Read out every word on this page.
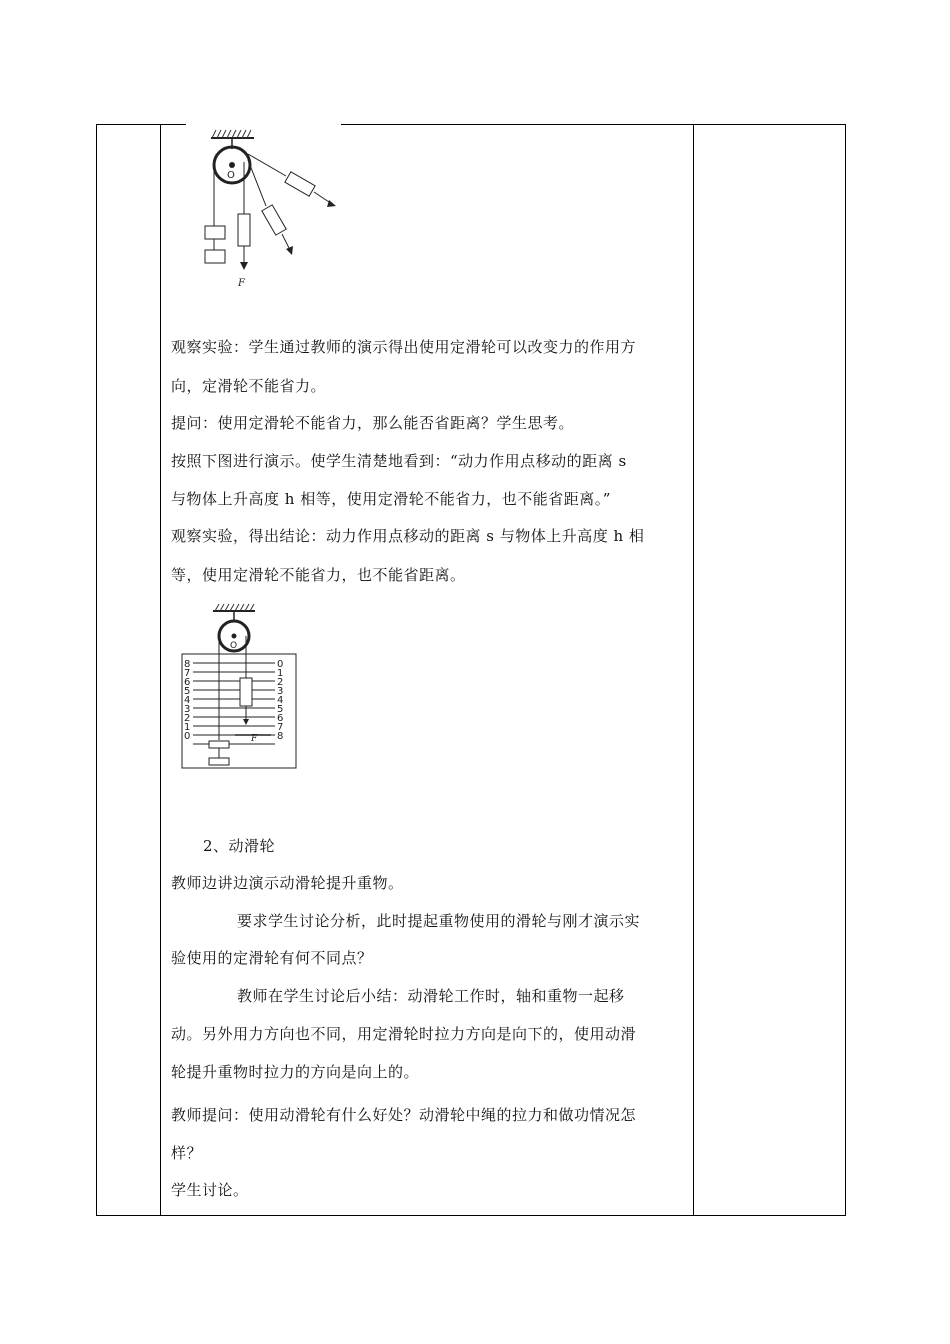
O
F
观察实验：学生通过教师的演示得出使用定滑轮可以改变力的作用方
向，定滑轮不能省力。
提问：使用定滑轮不能省力，那么能否省距离？学生思考。
按照下图进行演示。使学生清楚地看到：“动力作用点移动的距离 s
与物体上升高度 h 相等，使用定滑轮不能省力，也不能省距离。”
观察实验，得出结论：动力作用点移动的距离 s 与物体上升高度 h 相
等，使用定滑轮不能省力，也不能省距离。
O
8
7
6
5
4
3
2
1
0
0
1
2
3
4
5
6
7
8
F
2、动滑轮
教师边讲边演示动滑轮提升重物。
要求学生讨论分析，此时提起重物使用的滑轮与刚才演示实
验使用的定滑轮有何不同点？
教师在学生讨论后小结：动滑轮工作时，轴和重物一起移
动。另外用力方向也不同，用定滑轮时拉力方向是向下的，使用动滑
轮提升重物时拉力的方向是向上的。
教师提问：使用动滑轮有什么好处？动滑轮中绳的拉力和做功情况怎
样？
学生讨论。
